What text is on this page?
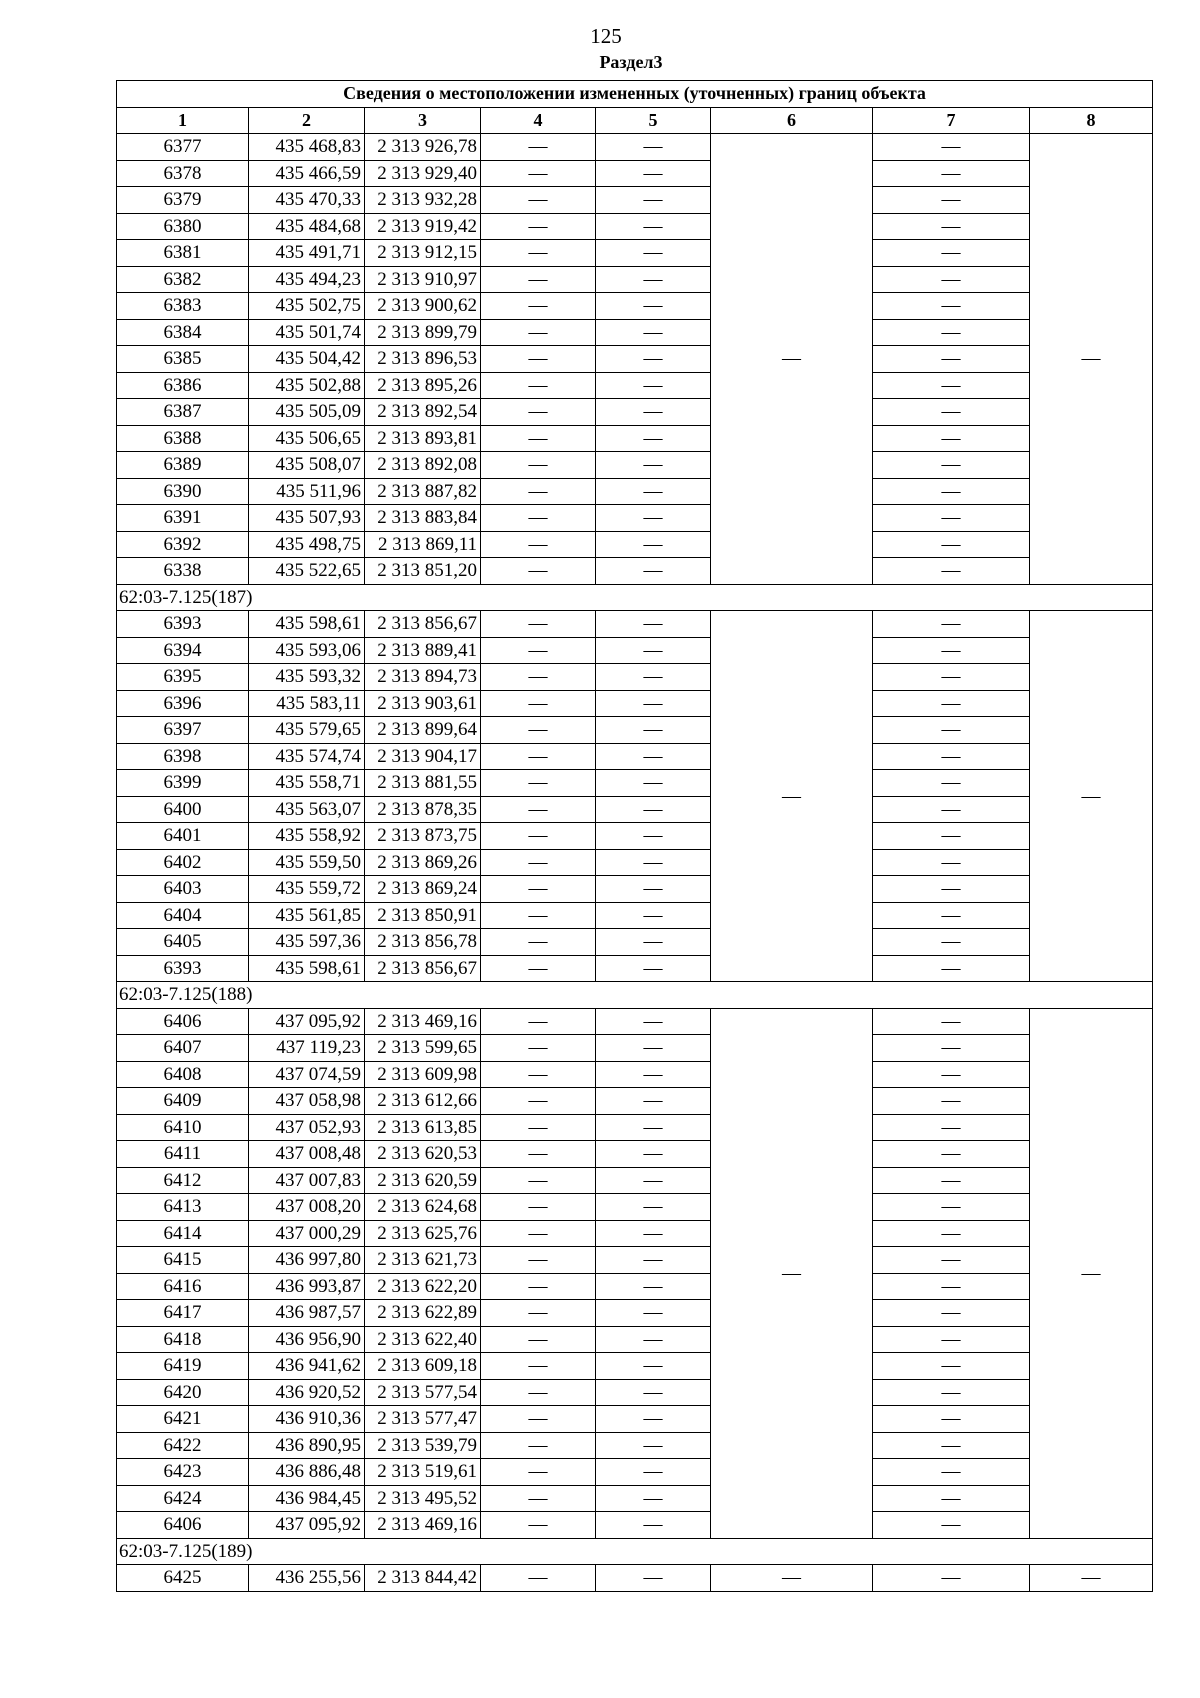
125
Раздел3
Сведения о местоположении измененных (уточненных) границ объекта							
1	2	3	4	5	6	7	8
6377	435 468,83	2 313 926,78	—	—	—	—	—
6378	435 466,59	2 313 929,40	—	—		—	
6379	435 470,33	2 313 932,28	—	—		—	
6380	435 484,68	2 313 919,42	—	—		—	
6381	435 491,71	2 313 912,15	—	—		—	
6382	435 494,23	2 313 910,97	—	—		—	
6383	435 502,75	2 313 900,62	—	—		—	
6384	435 501,74	2 313 899,79	—	—		—	
6385	435 504,42	2 313 896,53	—	—		—	
6386	435 502,88	2 313 895,26	—	—		—	
6387	435 505,09	2 313 892,54	—	—		—	
6388	435 506,65	2 313 893,81	—	—		—	
6389	435 508,07	2 313 892,08	—	—		—	
6390	435 511,96	2 313 887,82	—	—		—	
6391	435 507,93	2 313 883,84	—	—		—	
6392	435 498,75	2 313 869,11	—	—		—	
6338	435 522,65	2 313 851,20	—	—		—	
62:03-7.125(187)							
6393	435 598,61	2 313 856,67	—	—	—	—	—
6394	435 593,06	2 313 889,41	—	—		—	
6395	435 593,32	2 313 894,73	—	—		—	
6396	435 583,11	2 313 903,61	—	—		—	
6397	435 579,65	2 313 899,64	—	—		—	
6398	435 574,74	2 313 904,17	—	—		—	
6399	435 558,71	2 313 881,55	—	—		—	
6400	435 563,07	2 313 878,35	—	—		—	
6401	435 558,92	2 313 873,75	—	—		—	
6402	435 559,50	2 313 869,26	—	—		—	
6403	435 559,72	2 313 869,24	—	—		—	
6404	435 561,85	2 313 850,91	—	—		—	
6405	435 597,36	2 313 856,78	—	—		—	
6393	435 598,61	2 313 856,67	—	—		—	
62:03-7.125(188)							
6406	437 095,92	2 313 469,16	—	—	—	—	—
6407	437 119,23	2 313 599,65	—	—		—	
6408	437 074,59	2 313 609,98	—	—		—	
6409	437 058,98	2 313 612,66	—	—		—	
6410	437 052,93	2 313 613,85	—	—		—	
6411	437 008,48	2 313 620,53	—	—		—	
6412	437 007,83	2 313 620,59	—	—		—	
6413	437 008,20	2 313 624,68	—	—		—	
6414	437 000,29	2 313 625,76	—	—		—	
6415	436 997,80	2 313 621,73	—	—		—	
6416	436 993,87	2 313 622,20	—	—		—	
6417	436 987,57	2 313 622,89	—	—		—	
6418	436 956,90	2 313 622,40	—	—		—	
6419	436 941,62	2 313 609,18	—	—		—	
6420	436 920,52	2 313 577,54	—	—		—	
6421	436 910,36	2 313 577,47	—	—		—	
6422	436 890,95	2 313 539,79	—	—		—	
6423	436 886,48	2 313 519,61	—	—		—	
6424	436 984,45	2 313 495,52	—	—		—	
6406	437 095,92	2 313 469,16	—	—		—	
62:03-7.125(189)							
6425	436 255,56	2 313 844,42	—	—	—	—	—
